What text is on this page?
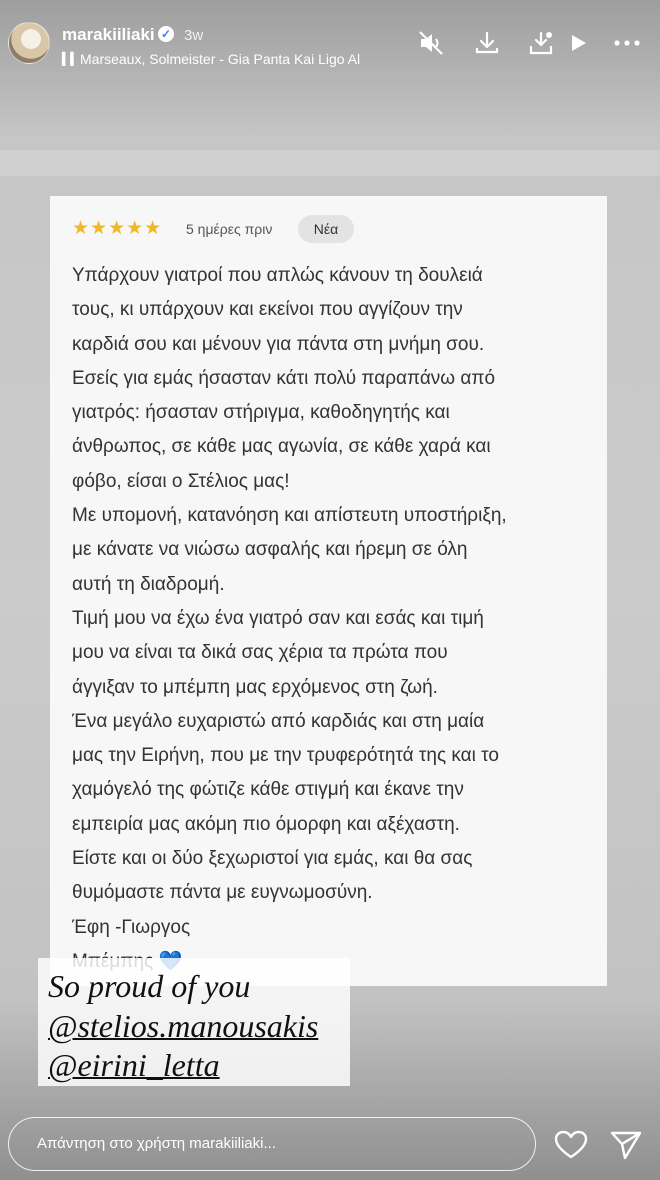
marakiiliaki ✓ 3w
▍▍ Marseaux, Solmeister - Gia Panta Kai Ligo Al
★★★★★ 5 ημέρες πριν	Νέα
Υπάρχουν γιατροί που απλώς κάνουν τη δουλειά
τους, κι υπάρχουν και εκείνοι που αγγίζουν την
καρδιά σου και μένουν για πάντα στη μνήμη σου.
Εσείς για εμάς ήσασταν κάτι πολύ παραπάνω από
γιατρός: ήσασταν στήριγμα, καθοδηγητής και
άνθρωπος, σε κάθε μας αγωνία, σε κάθε χαρά και
φόβο, είσαι ο Στέλιος μας!
Με υπομονή, κατανόηση και απίστευτη υποστήριξη,
με κάνατε να νιώσω ασφαλής και ήρεμη σε όλη
αυτή τη διαδρομή.
Τιμή μου να έχω ένα γιατρό σαν και εσάς και τιμή
μου να είναι τα δικά σας χέρια τα πρώτα που
άγγιξαν το μπέμπη μας ερχόμενος στη ζωή.
Ένα μεγάλο ευχαριστώ από καρδιάς και στη μαία
μας την Ειρήνη, που με την τρυφερότητά της και το
χαμόγελό της φώτιζε κάθε στιγμή και έκανε την
εμπειρία μας ακόμη πιο όμορφη και αξέχαστη.
Είστε και οι δύο ξεχωριστοί για εμάς, και θα σας
θυμόμαστε πάντα με ευγνωμοσύνη.
Έφη -Γιωργος
So proud of you
@stelios.manousakis
@eirini_letta
Απάντηση στο χρήστη marakiiliaki...
